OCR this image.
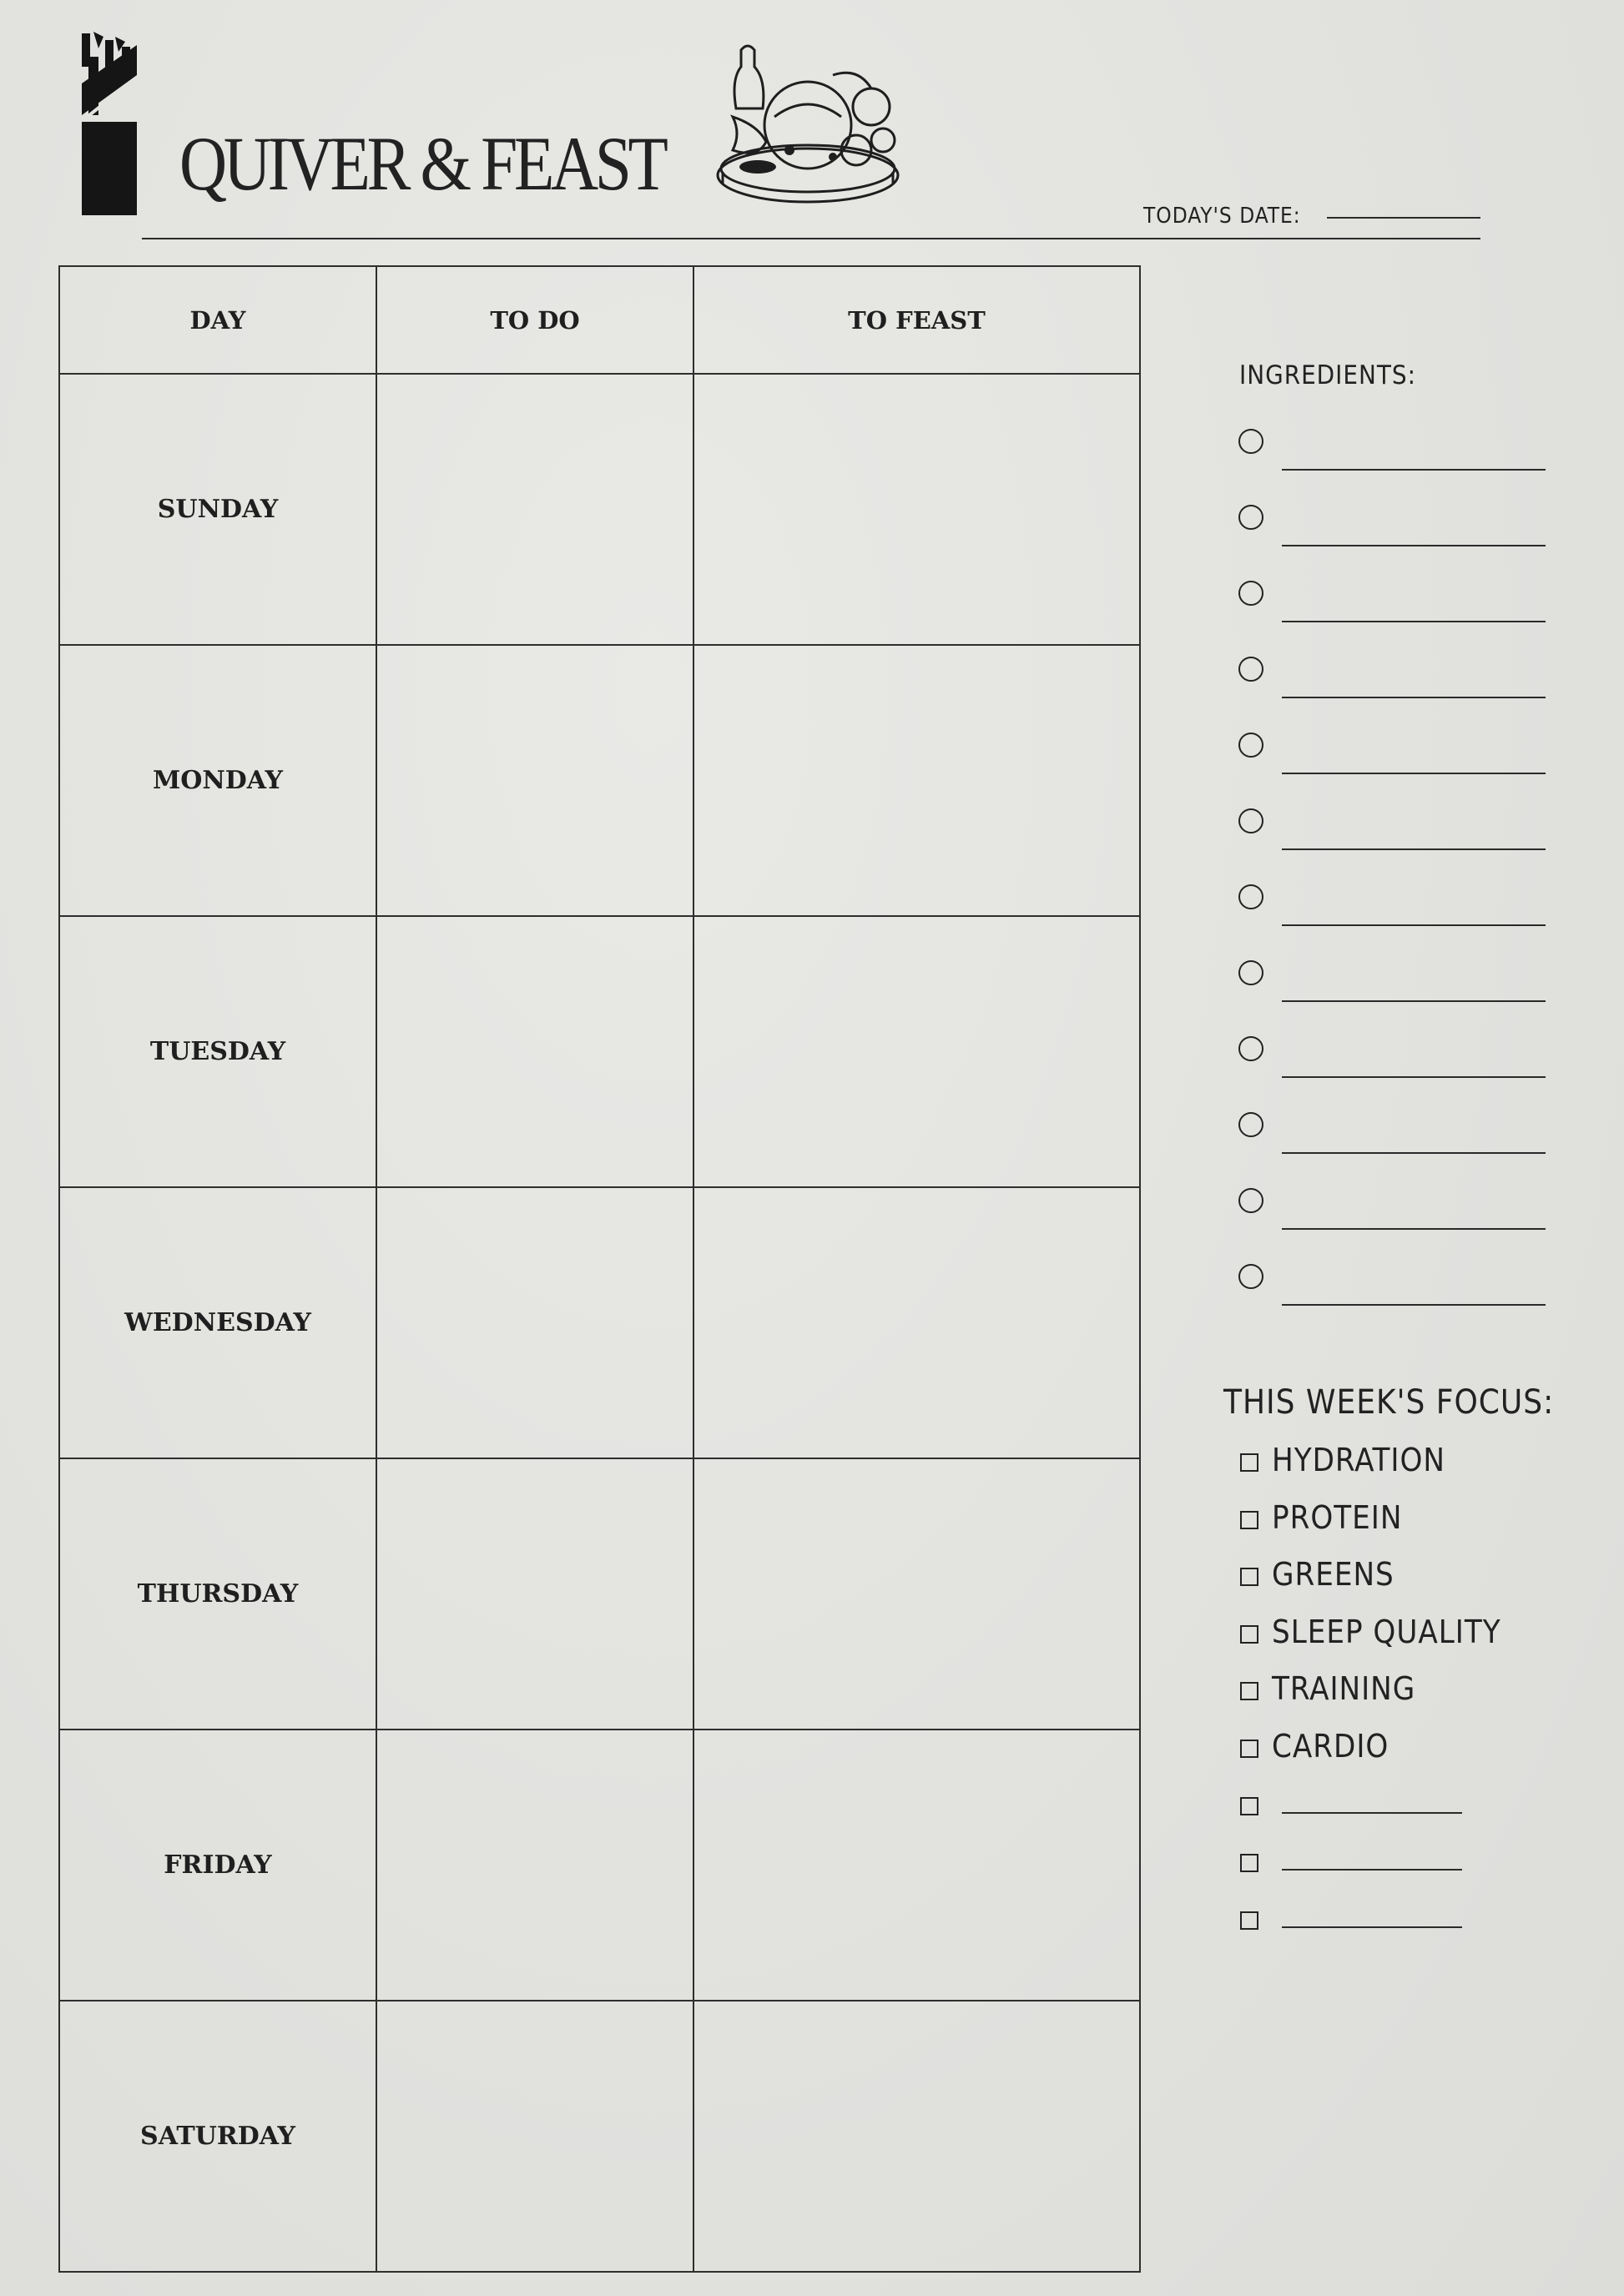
QUIVER & FEAST
TODAY'S DATE:
DAY	TO DO	TO FEAST
SUNDAY		
MONDAY		
TUESDAY		
WEDNESDAY		
THURSDAY		
FRIDAY		
SATURDAY		
INGREDIENTS:
THIS WEEK'S FOCUS:
HYDRATION
PROTEIN
GREENS
SLEEP QUALITY
TRAINING
CARDIO
